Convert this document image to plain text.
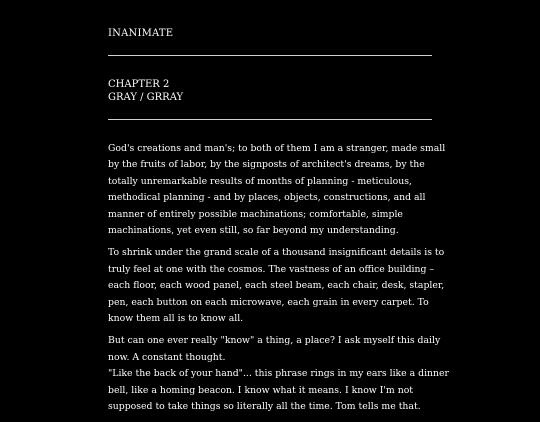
INANIMATE
CHAPTER 2
GRAY / GRRAY

God's creations and man's; to both of them I am a stranger, made small
by the fruits of labor, by the signposts of architect's dreams, by the
totally unremarkable results of months of planning - meticulous,
methodical planning - and by places, objects, constructions, and all
manner of entirely possible machinations; comfortable, simple
machinations, yet even still, so far beyond my understanding.

To shrink under the grand scale of a thousand insignificant details is to
truly feel at one with the cosmos. The vastness of an office building –
each floor, each wood panel, each steel beam, each chair, desk, stapler,
pen, each button on each microwave, each grain in every carpet. To
know them all is to know all.

But can one ever really "know" a thing, a place? I ask myself this daily
now. A constant thought.
"Like the back of your hand"... this phrase rings in my ears like a dinner
bell, like a homing beacon. I know what it means. I know I'm not
supposed to take things so literally all the time. Tom tells me that.
